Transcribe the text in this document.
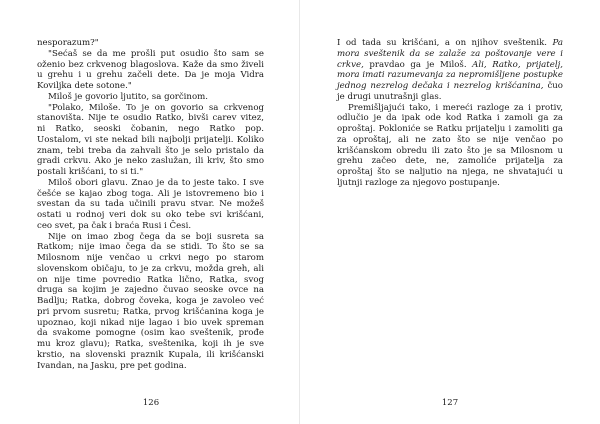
nesporazum?"

"Sećaš se da me prošli put osudio što sam se oženio bez crkvenog blagoslova. Kaže da smo živeli u grehu i u grehu začeli dete. Da je moja Vidra Koviljka dete sotone."

Miloš je govorio ljutito, sa gorčinom.

"Polako, Miloše. To je on govorio sa crkvenog stanovišta. Nije te osudio Ratko, bivši carev vitez, ni Ratko, seoski čobanin, nego Ratko pop. Uostalom, vi ste nekad bili najbolji prijatelji. Koliko znam, tebi treba da zahvali što je selo pristalo da gradi crkvu. Ako je neko zaslužan, ili kriv, što smo postali krišćani, to si ti."

Miloš obori glavu. Znao je da to jeste tako. I sve češće se kajao zbog toga. Ali je istovremeno bio i svestan da su tada učinili pravu stvar. Ne možeš ostati u rodnoj veri dok su oko tebe svi krišćani, ceo svet, pa čak i braća Rusi i Česi.

Nije on imao zbog čega da se boji susreta sa Ratkom; nije imao čega da se stidi. To što se sa Milosnom nije venčao u crkvi nego po starom slovenskom običaju, to je za crkvu, možda greh, ali on nije time povredio Ratka lično, Ratka, svog druga sa kojim je zajedno čuvao seoske ovce na Badlju; Ratka, dobrog čoveka, koga je zavoleo već pri prvom susretu; Ratka, prvog krišćanina koga je upoznao, koji nikad nije lagao i bio uvek spreman da svakome pomogne (osim kao sveštenik, prođe mu kroz glavu); Ratka, sveštenika, koji ih je sve krstio, na slovenski praznik Kupala, ili krišćanski Ivandan, na Jasku, pre pet godina.

126

I od tada su krišćani, a on njihov sveštenik. Pa mora sveštenik da se zalaže za poštovanje vere i crkve, pravdao ga je Miloš. Ali, Ratko, prijatelj, mora imati razumevanja za nepromišljene postupke jednog nezrelog dečaka i nezrelog krišćanina, čuo je drugi unutrašnji glas.

Premišljajući tako, i mereći razloge za i protiv, odlučio je da ipak ode kod Ratka i zamoli ga za oproštaj. Pokloniće se Ratku prijatelju i zamoliti ga za oproštaj, ali ne zato što se nije venčao po krišćanskom obredu ili zato što je sa Milosnom u grehu začeo dete, ne, zamoliće prijatelja za oproštaj što se naljutio na njega, ne shvatajući u ljutnji razloge za njegovo postupanje.

127
